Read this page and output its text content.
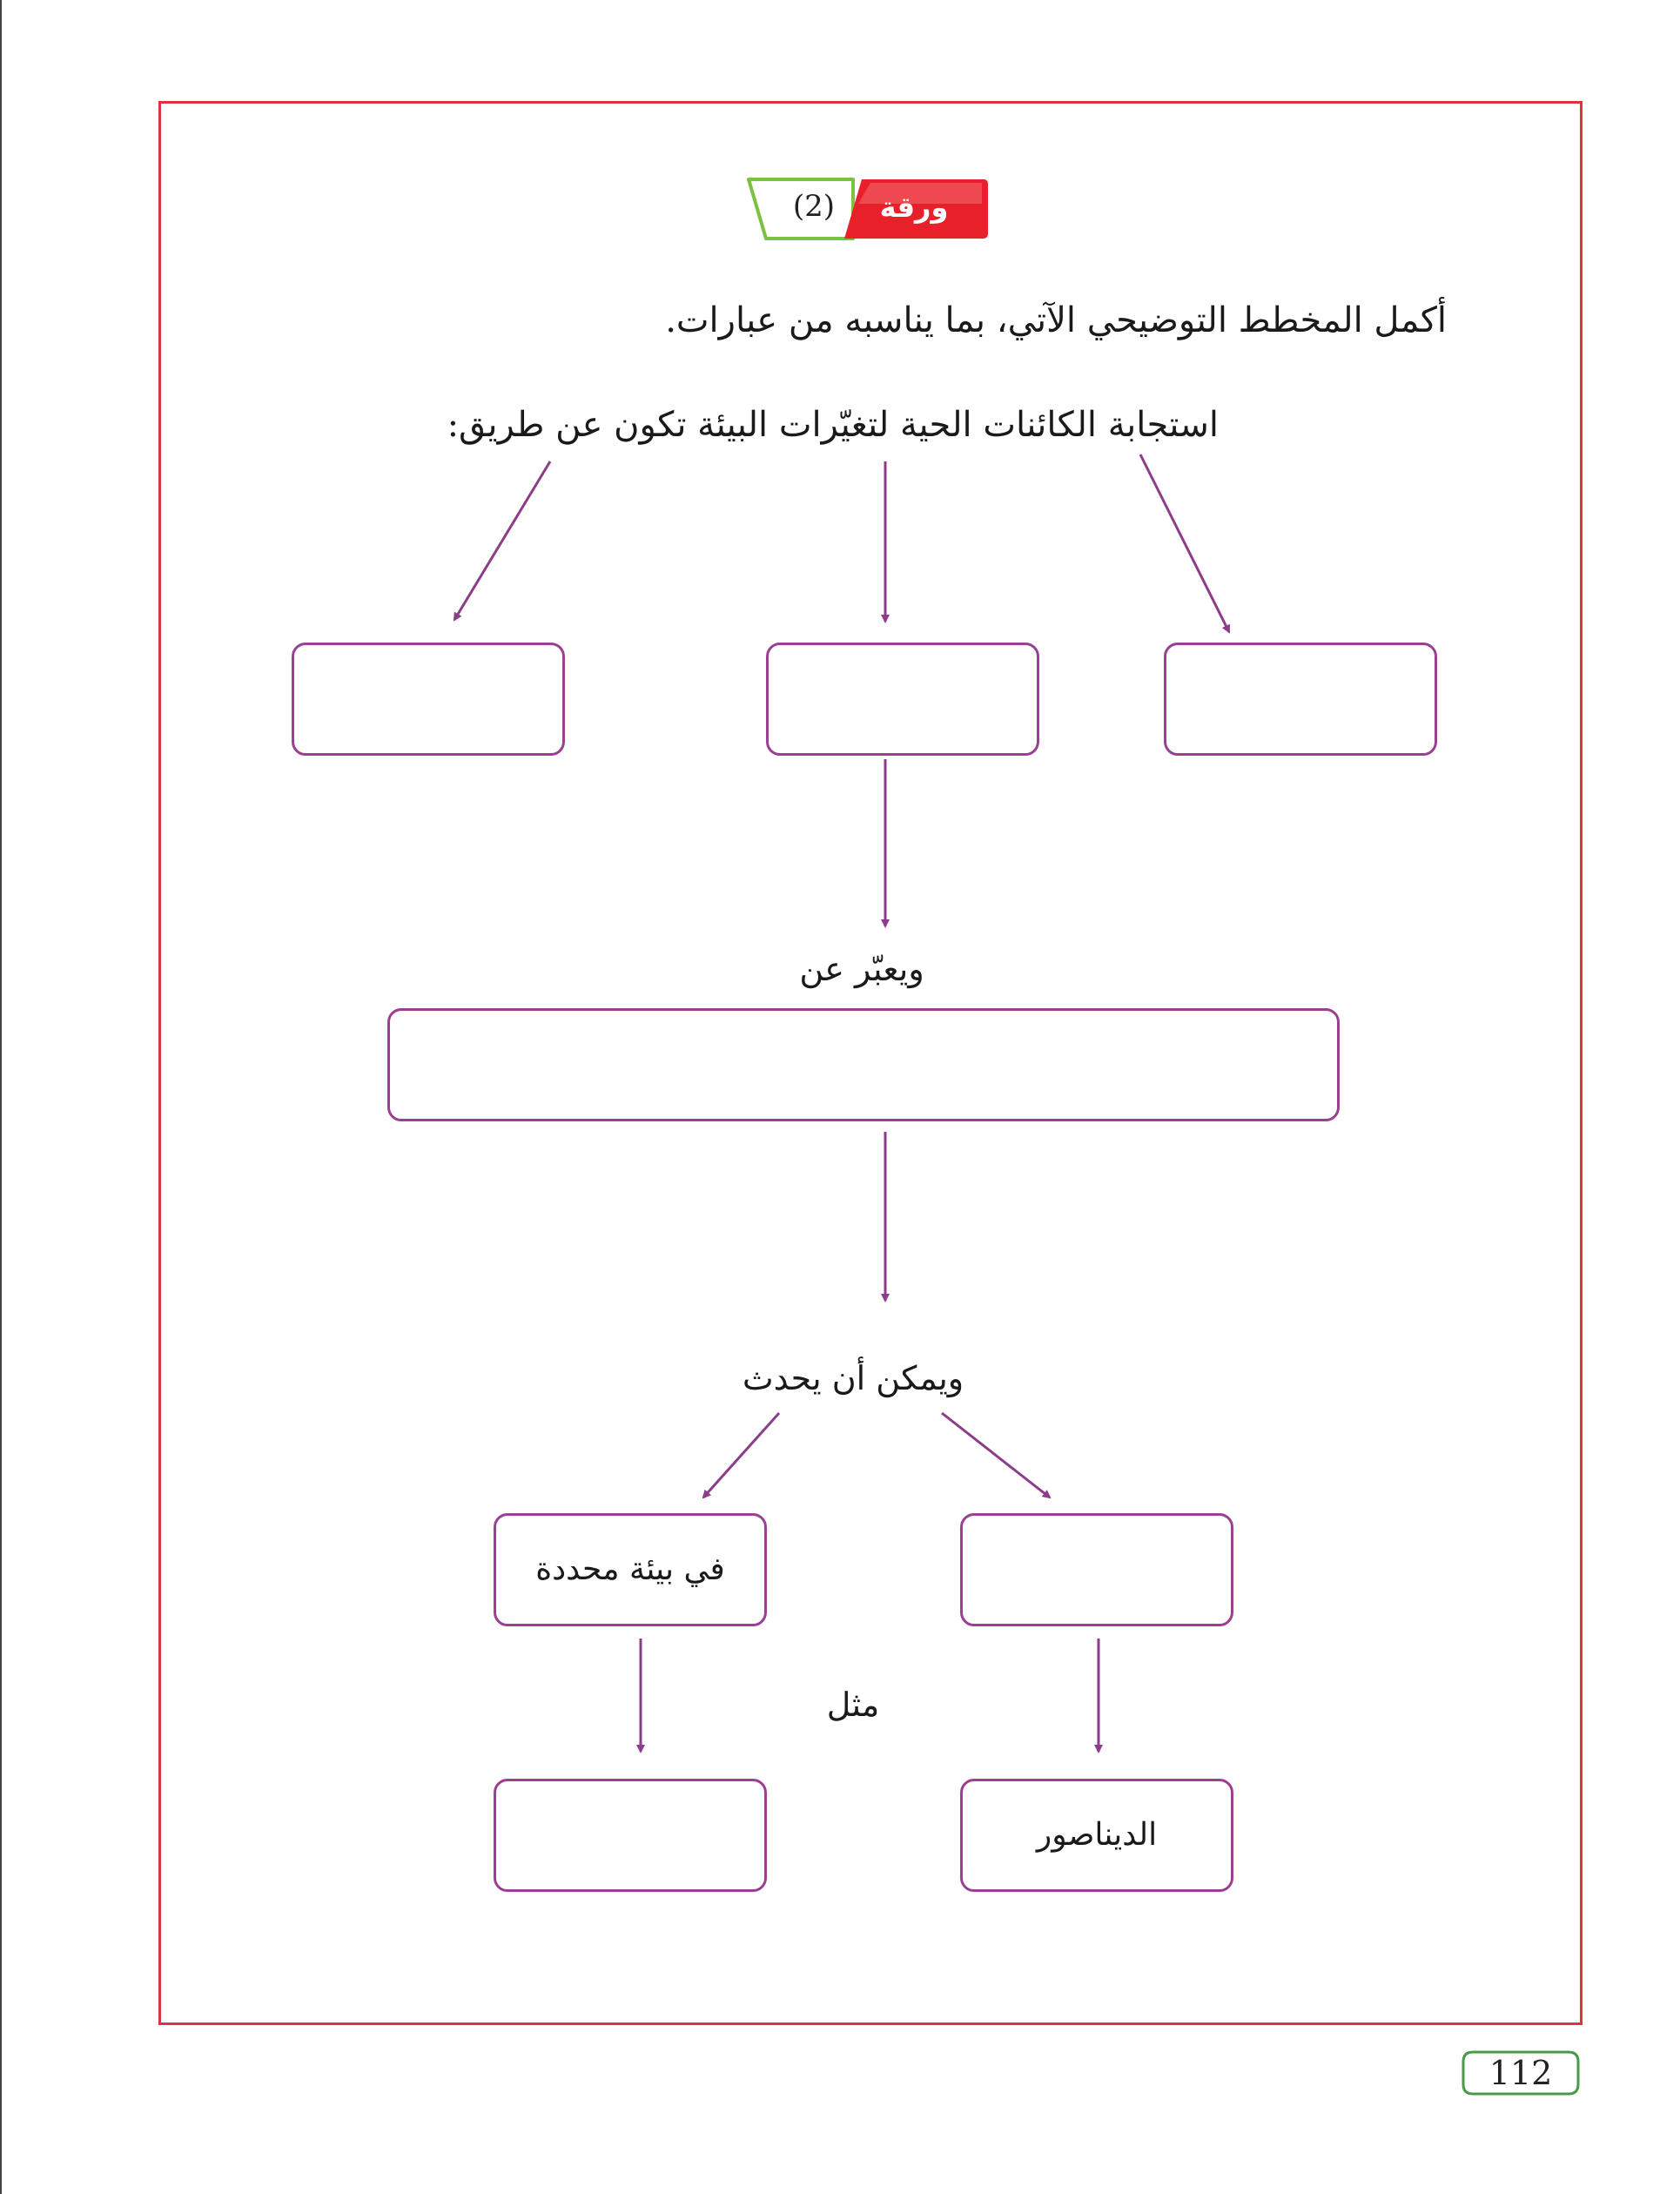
(2)	ورقة عمل
أكمل المخطط التوضيحي الآتي، بما يناسبه من عبارات.
استجابة الكائنات الحية لتغيّرات البيئة تكون عن طريق:
ويعبّر عن
ويمكن أن يحدث
في بيئة محددة
مثل
الديناصور
112
